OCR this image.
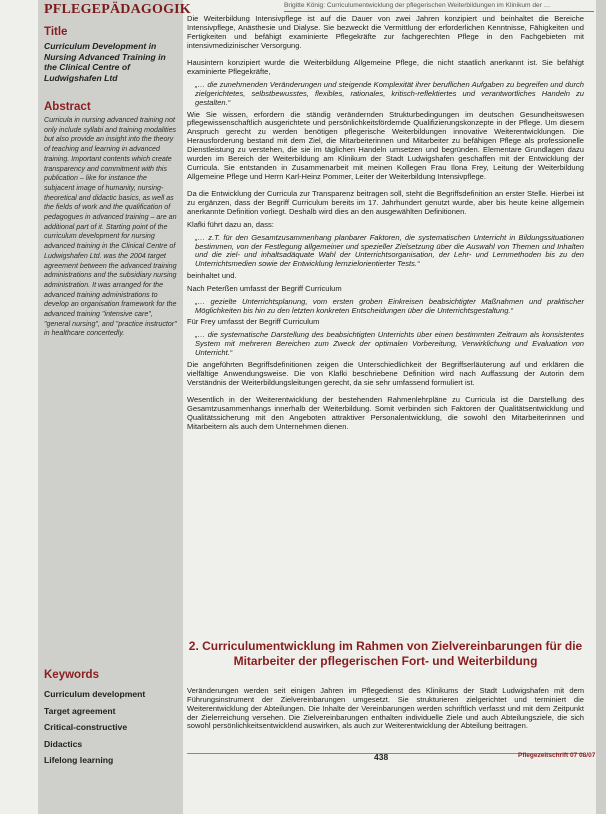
PFLEGEPÄDAGOGIK	Brigitte König: Curriculumentwicklung der pflegerischen Weiterbildungen im Klinikum der …
Title
Curriculum Development in Nursing Advanced Training in the Clinical Centre of Ludwigshafen Ltd
Abstract
Curricula in nursing advanced training not only include syllabi and training modalities but also provide an insight into the theory of teaching and learning in advanced training. Important contents which create transparency and commitment with this publication – like for instance the subjacent image of humanity, nursing-theoretical and didactic basics, as well as the fields of work and the qualification of pedagogues in advanced training – are an additional part of it. Starting point of the curriculum development for nursing advanced training in the Clinical Centre of Ludwigshafen Ltd. was the 2004 target agreement between the advanced training administrations and the subsidiary nursing administration. It was arranged for the advanced training administrations to develop an organisation framework for the advanced training "intensive care", "general nursing", and "practice instructor" in healthcare concertedly.
Keywords
Curriculum development
Target agreement
Critical-constructive
Didactics
Lifelong learning

Die Weiterbildung Intensivpflege ist auf die Dauer von zwei Jahren konzipiert und beinhaltet die Bereiche Intensivpflege, Anästhesie und Dialyse. Sie bezweckt die Vermittlung der erforderlichen Kenntnisse, Fähigkeiten und Fertigkeiten und befähigt examinierte Pflegekräfte zur fachgerechten Pflege in den Fachgebieten mit intensivmedizinischer Versorgung.

Hausintern konzipiert wurde die Weiterbildung Allgemeine Pflege, die nicht staatlich anerkannt ist. Sie befähigt examinierte Pflegekräfte,

„… die zunehmenden Veränderungen und steigende Komplexität ihrer beruflichen Aufgaben zu begreifen und durch zielgerichtetes, selbstbewusstes, flexibles, rationales, kritisch-reflektiertes und verantwortliches Handeln zu gestalten.“

Wie Sie wissen, erfordern die ständig verändernden Strukturbedingungen im deutschen Gesundheitswesen pflegewissenschaftlich ausgerichtete und persönlichkeitsfördernde Qualifizierungskonzepte in der Pflege. Um diesem Anspruch gerecht zu werden benötigen pflegerische Weiterbildungen innovative Weiterentwicklungen. Die Herausforderung bestand mit dem Ziel, die Mitarbeiterinnen und Mitarbeiter zu befähigen Pflege als professionelle Dienstleistung zu verstehen, die sie im täglichen Handeln umsetzen und begründen. Elementare Grundlagen dazu wurden im Bereich der Weiterbildung am Klinikum der Stadt Ludwigshafen geschaffen mit der Entwicklung der Curricula. Sie entstanden in Zusammenarbeit mit meinen Kollegen Frau Ilona Frey, Leitung der Weiterbildung Allgemeine Pflege und Herrn Karl-Heinz Pommer, Leiter der Weiterbildung Intensivpflege.

Da die Entwicklung der Curricula zur Transparenz beitragen soll, steht die Begriffsdefinition an erster Stelle. Hierbei ist zu ergänzen, dass der Begriff Curriculum bereits im 17. Jahrhundert genutzt wurde, aber bis heute keine allgemein anerkannte Definition vorliegt. Deshalb wird dies an den ausgewählten Definitionen.

Klafki führt dazu an, dass:

„… z.T. für den Gesamtzusammenhang planbarer Faktoren, die systematischen Unterricht in Bildungssituationen bestimmen, von der Festlegung allgemeiner und spezieller Zielsetzung über die Auswahl von Themen und Inhalten und die ziel- und inhaltsadäquate Wahl der Unterrichtsorganisation, der Lehr- und Lernmethoden bis zu den Unterrichtsmedien sowie der Entwicklung lernzielorientierter Tests.“

beinhaltet und.

Nach Peterßen umfasst der Begriff Curriculum

„… gezielte Unterrichtsplanung, vom ersten groben Einkreisen beabsichtigter Maßnahmen und praktischer Möglichkeiten bis hin zu den letzten konkreten Entscheidungen über die Unterrichtsgestaltung.“

Für Frey umfasst der Begriff Curriculum

„… die systematische Darstellung des beabsichtigten Unterrichts über einen bestimmten Zeitraum als konsistentes System mit mehreren Bereichen zum Zweck der optimalen Vorbereitung, Verwirklichung und Evaluation von Unterricht.“

Die angeführten Begriffsdefinitionen zeigen die Unterschiedlichkeit der Begriffserläuterung auf und erklären die vielfältige Anwendungsweise. Die von Klafki beschriebene Definition wird nach Auffassung der Autorin dem Verständnis der Weiterbildungsleitungen gerecht, da sie sehr umfassend formuliert ist.

Wesentlich in der Weiterentwicklung der bestehenden Rahmenlehrpläne zu Curricula ist die Darstellung des Gesamtzusammenhangs innerhalb der Weiterbildung. Somit verbinden sich Faktoren der Qualitätsentwicklung und Qualitätssicherung mit den Angeboten attraktiver Personalentwicklung, die sowohl den Mitarbeiterinnen und Mitarbeitern als auch dem Unternehmen dienen.

2. Curriculumentwicklung im Rahmen von Zielvereinbarungen für die Mitarbeiter der pflegerischen Fort- und Weiterbildung
Veränderungen werden seit einigen Jahren im Pflegedienst des Klinikums der Stadt Ludwigshafen mit dem Führungsinstrument der Zielvereinbarungen umgesetzt. Sie strukturieren zielgerichtet und terminiert die Weiterentwicklung der Abteilungen. Die Inhalte der Vereinbarungen werden schriftlich verfasst und mit dem Zeitpunkt der Zielerreichung versehen. Die Zielvereinbarungen enthalten individuelle Ziele und auch Abteilungsziele, die sich sowohl persönlichkeitsentwicklend auswirken, als auch zur Weiterentwicklung der Abteilung beitragen.
438	Pflegezeitschrift 07 08/07
